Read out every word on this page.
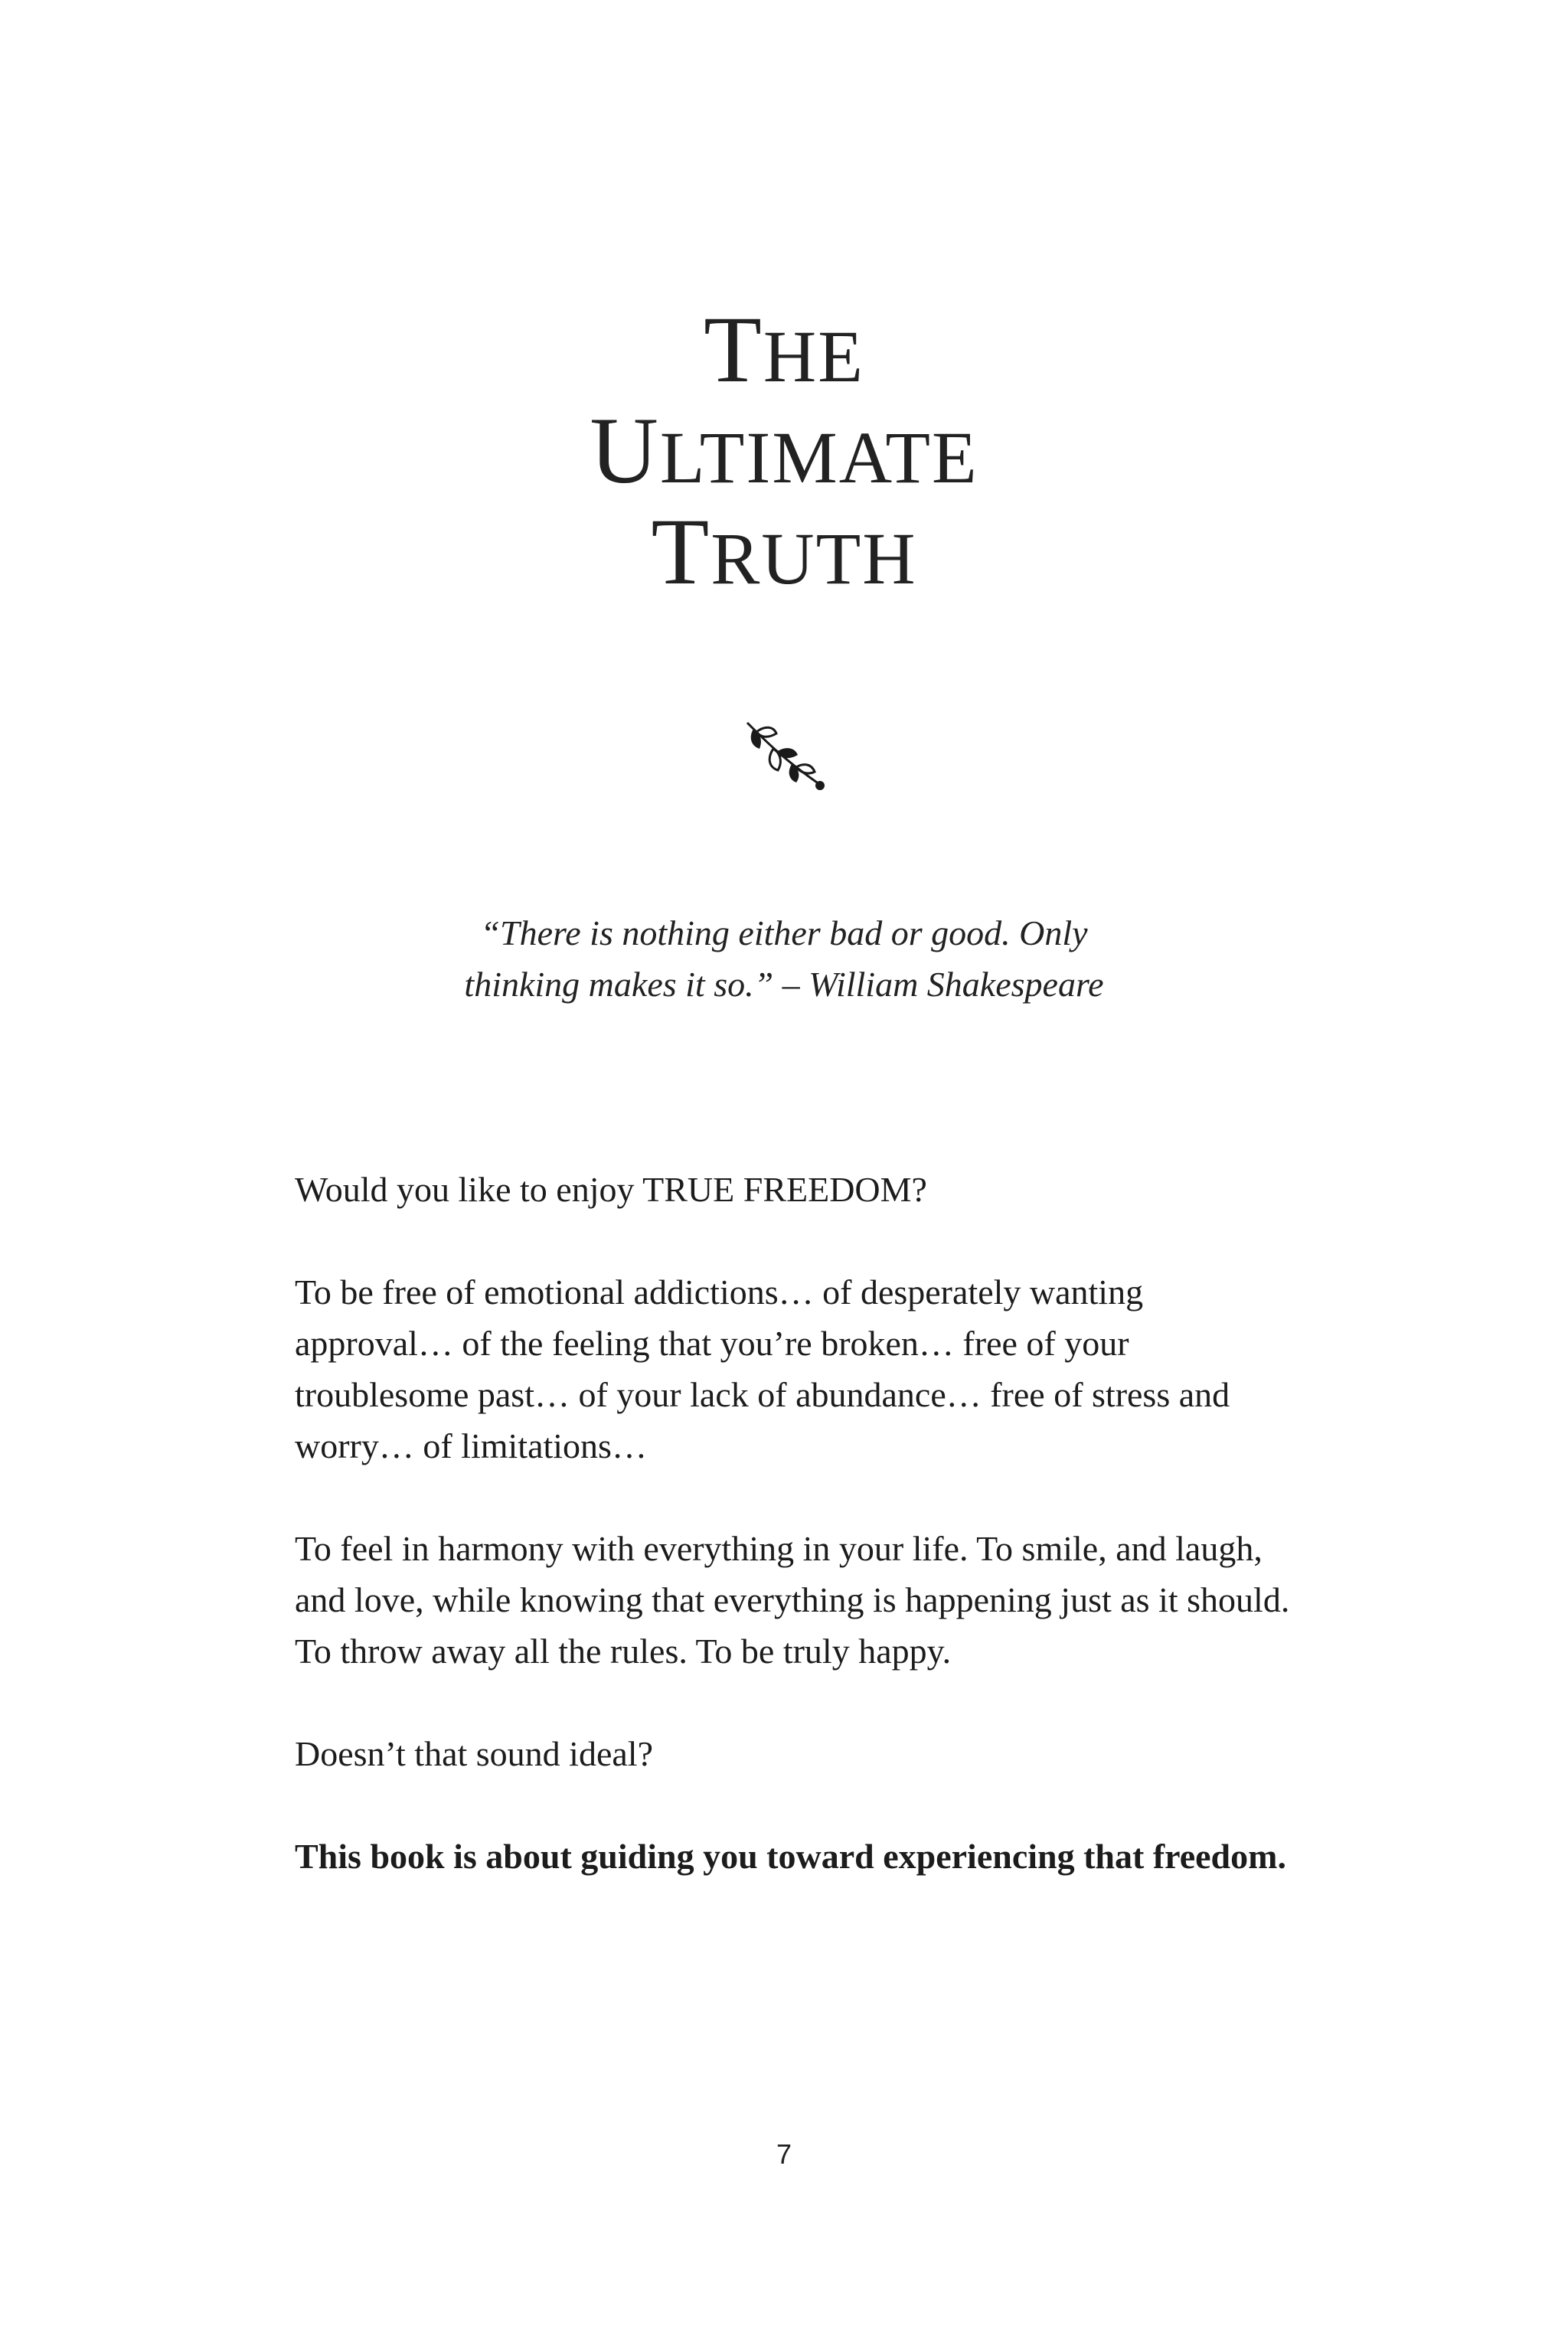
THE
ULTIMATE
TRUTH
“There is nothing either bad or good. Only
thinking makes it so.” – William Shakespeare

Would you like to enjoy TRUE FREEDOM?

To be free of emotional addictions… of desperately wanting approval… of the feeling that you’re broken… free of your troublesome past… of your lack of abundance… free of stress and worry… of limitations…

To feel in harmony with everything in your life. To smile, and laugh, and love, while knowing that everything is happening just as it should. To throw away all the rules. To be truly happy.

Doesn’t that sound ideal?

This book is about guiding you toward experiencing that freedom.

7
